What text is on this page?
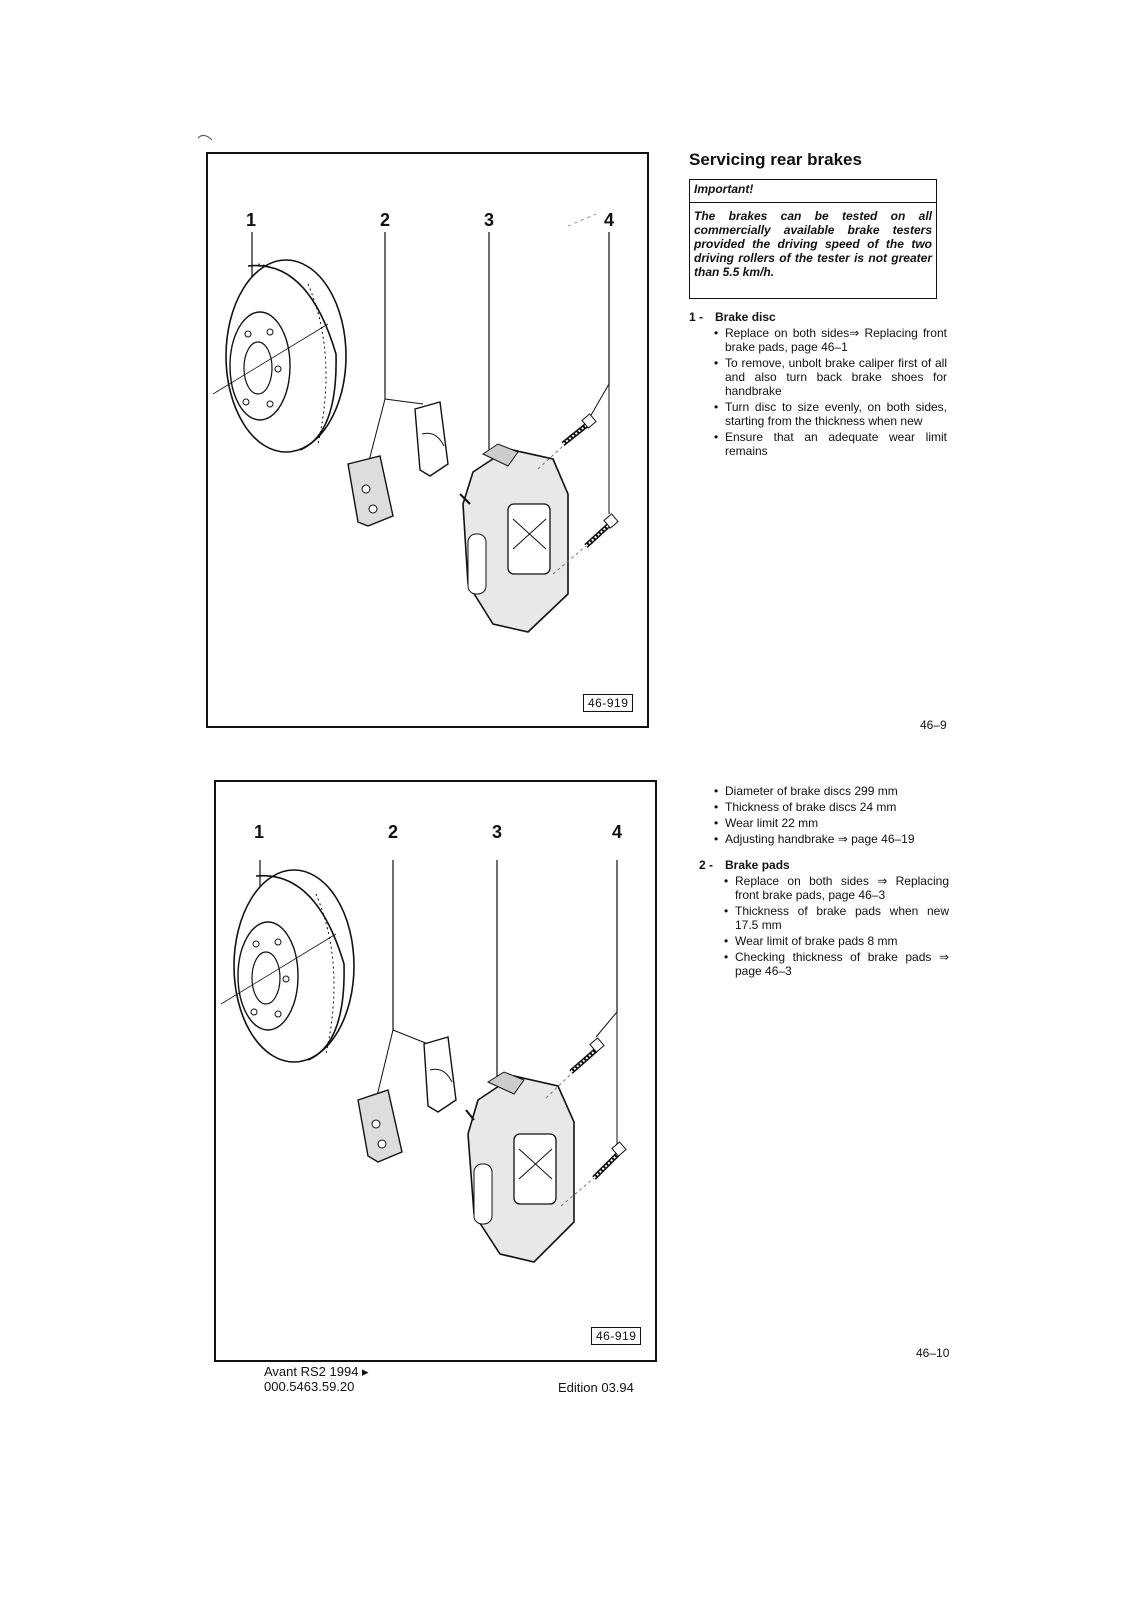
1	2	3	4
46-919
Servicing rear brakes
Important!
The brakes can be tested on all commercially available brake testers provided the driving speed of the two driving rollers of the tester is not greater than 5.5 km/h.
1 - Brake disc
• Replace on both sides⇒ Replacing front brake pads, page 46–1
• To remove, unbolt brake caliper first of all and also turn back brake shoes for handbrake
• Turn disc to size evenly, on both sides, starting from the thickness when new
• Ensure that an adequate wear limit remains
46–9
1	2	3	4
46-919
• Diameter of brake discs 299 mm
• Thickness of brake discs 24 mm
• Wear limit 22 mm
• Adjusting handbrake ⇒ page 46–19
2 - Brake pads
• Replace on both sides ⇒ Replacing front brake pads, page 46–3
• Thickness of brake pads when new 17.5 mm
• Wear limit of brake pads 8 mm
• Checking thickness of brake pads ⇒ page 46–3
46–10
Avant RS2 1994 ▸
000.5463.59.20	Edition 03.94
